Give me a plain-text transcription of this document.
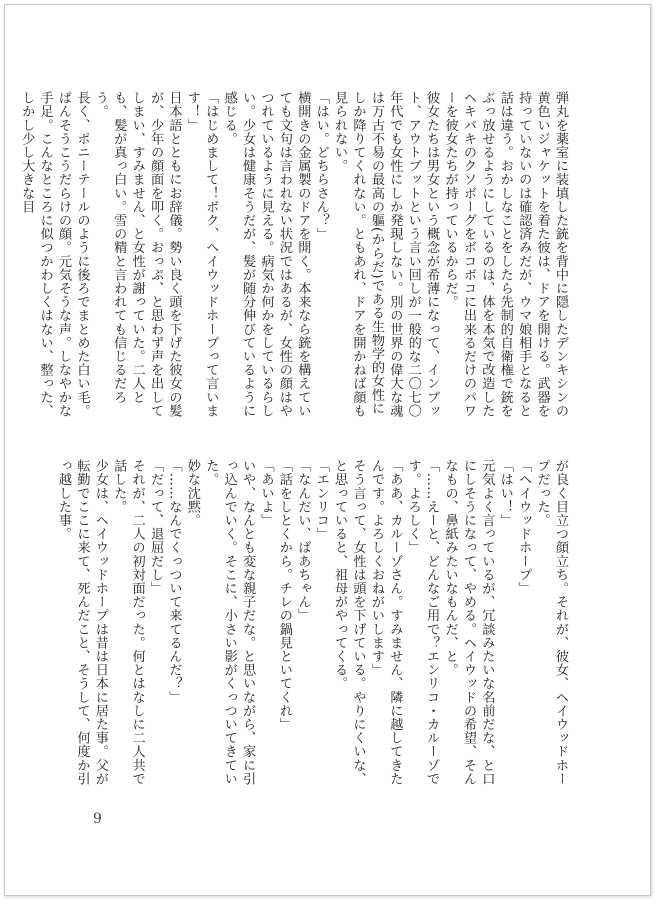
弾丸を薬室に装填した銃を背中に隠したデンキシンの黄色いジャケットを着た彼は、ドアを開ける。武器を持っていないのは確認済みだが、ウマ娘相手となると話は違う。おかしなことをしたら先制的自衛権で銃をぶっ放せるようにしているのは、体を本気で改造したヘキバキのクソボーグをボコボコに出来るだけのパワーを彼女たちが持っているからだ。
彼女たちは男女という概念が希薄になって、インブット、アウトブットという言い回しが一般的な二〇七〇年代でも女性にしか発現しない。別の世界の偉大な魂は万古不易の最高の軀(からだ)である生物学的女性にしか降りてくれない。ともあれ、ドアを開かねば顔も見られない。
「はい。どちらさん？」
横開きの金属製のドアを開く。本来なら銃を構えていても文句は言われない状況ではあるが、女性の顔はやつれているように見える。病気か何かをしているらしい。少女は健康そうだが、髪が随分伸びているように感じる。
「はじめまして！ボク、ヘイウッドホープって言います！」
日本語とともにお辞儀。勢い良く頭を下げた彼女の髪が、少年の顔面を叩く。おっぷ、と思わず声を出してしまい、すみません、と女性が謝っていた。二人とも、髪が真っ白い。雪の精と言われても信じるだろう。
長く、ポニーテールのように後ろでまとめた白い毛。ぱんそうこうだらけの顔。元気そうな声。しなやかな手足。こんなところに似つかわしくはない、整った、しかし少し大きな目

が良く目立つ顔立ち。それが、彼女、ヘイウッドホープだった。
「ヘイウッドホープ」
「はい！」
元気よく言っているが、冗談みたいな名前だな、と口にしそうになって、やめる。ヘイウッドの希望、そんなもの、鼻紙みたいなもんだ、と。
「……えーと、どんなご用で？エンリコ・カルーゾです。よろしく」
「ああ、カルーゾさん。すみません、隣に越してきたんです。よろしくおねがいします」
そう言って、女性は頭を下げている。やりにくいな、と思っていると、祖母がやってくる。
「エンリコ」
「なんだい、ばあちゃん」
「話をしとくから。チレの鍋見といてくれ」
「あいよ」
いや、なんとも変な親子だな。と思いながら、家に引っ込んでいく。そこに、小さい影がくっついてきていた。
妙な沈黙。
「……なんでくっついて来てるんだ？」
「だって、退屈だし」
それが、二人の初対面だった。何とはなしに二人共で話した。
少女は、ヘイウッドホープは昔は日本に居た事。父が転勤でここに来て、死んだこと、そうして、何度か引っ越した事。

9
